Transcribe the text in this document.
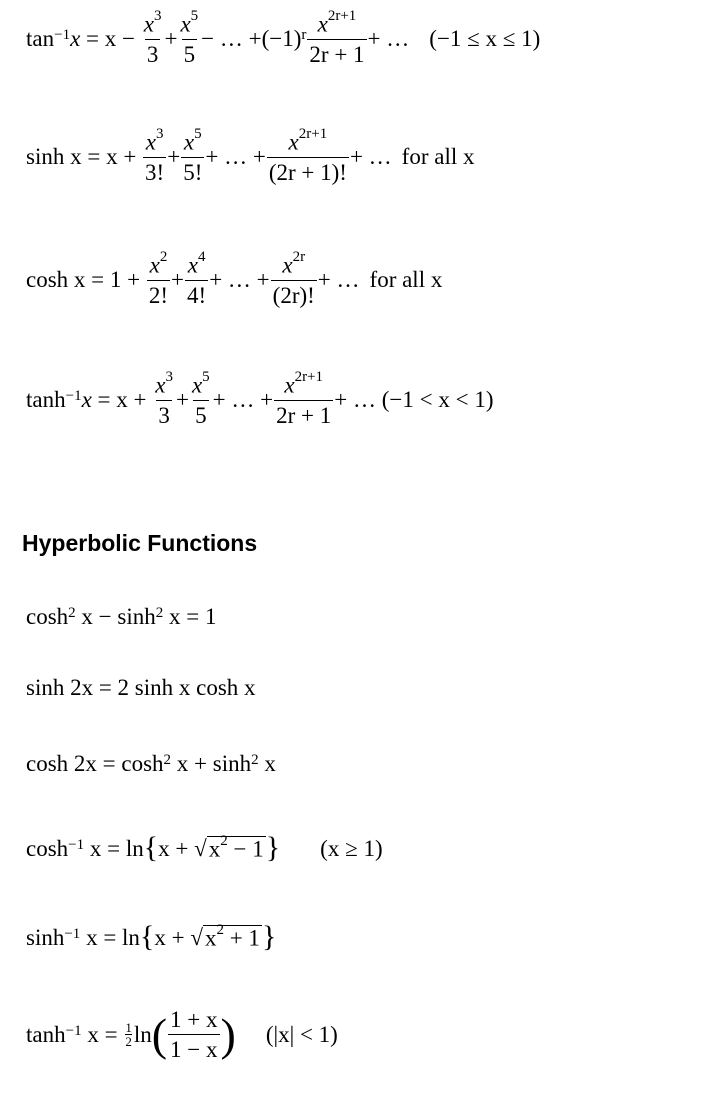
$\tan^{-1} x = x - \frac{x^3}{3} + \frac{x^5}{5}$ − … $+(-1)^r \frac{x^{2r+1}}{2r + 1}$ + … (−1 ≤ x ≤ 1)
$\sinh x = x + \frac{x^3}{3!} + \frac{x^5}{5!}$ + … + $\frac{x^{2r+1}}{(2r + 1)!}$ + … for all x
$\cosh x = 1 + \frac{x^2}{2!} + \frac{x^4}{4!}$ + … + $\frac{x^{2r}}{(2r)!}$ + … for all x
$\tanh^{-1} x = x + \frac{x^3}{3} + \frac{x^5}{5}$ + … + $\frac{x^{2r+1}}{2r + 1}$ + … (−1 < x < 1)
Hyperbolic Functions
$\cosh^2 x - \sinh^2 x = 1$
sinh 2x = 2 sinh x cosh x
$\cosh 2x = \cosh^2 x + \sinh^2 x$
$\cosh^{-1} x = \ln$ { x + √ $x^2 - 1$ } (x ≥ 1)
$\sinh^{-1} x = \ln$ { x + √ $x^2 + 1$ }
$\tanh^{-1} x = \frac{1}{2}$ ln ( $\frac{1 + x}{1 - x}$ ) (|x| < 1)
